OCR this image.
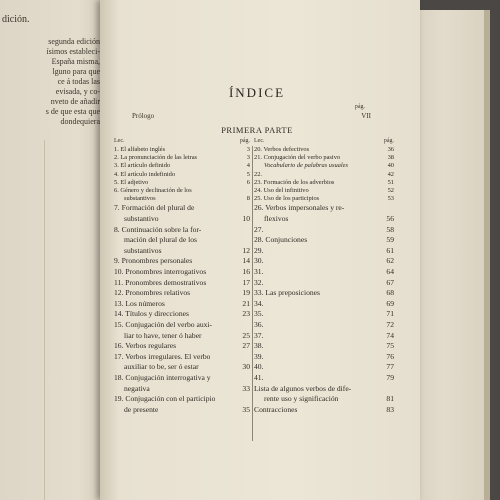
dición.
segunda edición
ísimos estableci-
España misma,
lguno para que
ce á todas las
evisada, y co-
nveto de añadir
s de que esta que
dondequiera
ÍNDICE
Prólogo
pág.
VII
PRIMERA PARTE
Lec.	pág.
1. El alfabeto inglés	3
2. La pronunciación de las letras	3
3. El artículo definido	4
4. El artículo indefinido	5
5. El adjetivo	6
6. Género y declinación de los
substantivos	8
7. Formación del plural de
substantivo	10
8. Continuación sobre la for-
mación del plural de los
substantivos	12
9. Pronombres personales	14
10. Pronombres interrogativos	16
11. Pronombres demostrativos	17
12. Pronombres relativos	19
13. Los números	21
14. Títulos y direcciones	23
15. Conjugación del verbo auxi-
liar to have, tener ó haber	25
16. Verbos regulares	27
17. Verbos irregulares. El verbo
auxiliar to be, ser ó estar	30
18. Conjugación interrogativa y
negativa	33
19. Conjugación con el participio
de presente	35
Lec.	pág.
20. Verbos defectivos	36
21. Conjugación del verbo pasivo	38
Vocabulario de palabras usuales	40
22.	42
23. Formación de los adverbios	51
24. Uso del infinitivo	52
25. Uso de los participios	53
26. Verbos impersonales y re-
flexivos	56
27.	58
28. Conjunciones	59
29.	61
30.	62
31.	64
32.	67
33. Las preposiciones	68
34.	69
35.	71
36.	72
37.	74
38.	75
39.	76
40.	77
41.	79
Lista de algunos verbos de dife-
rente uso y significación	81
Contracciones	83
